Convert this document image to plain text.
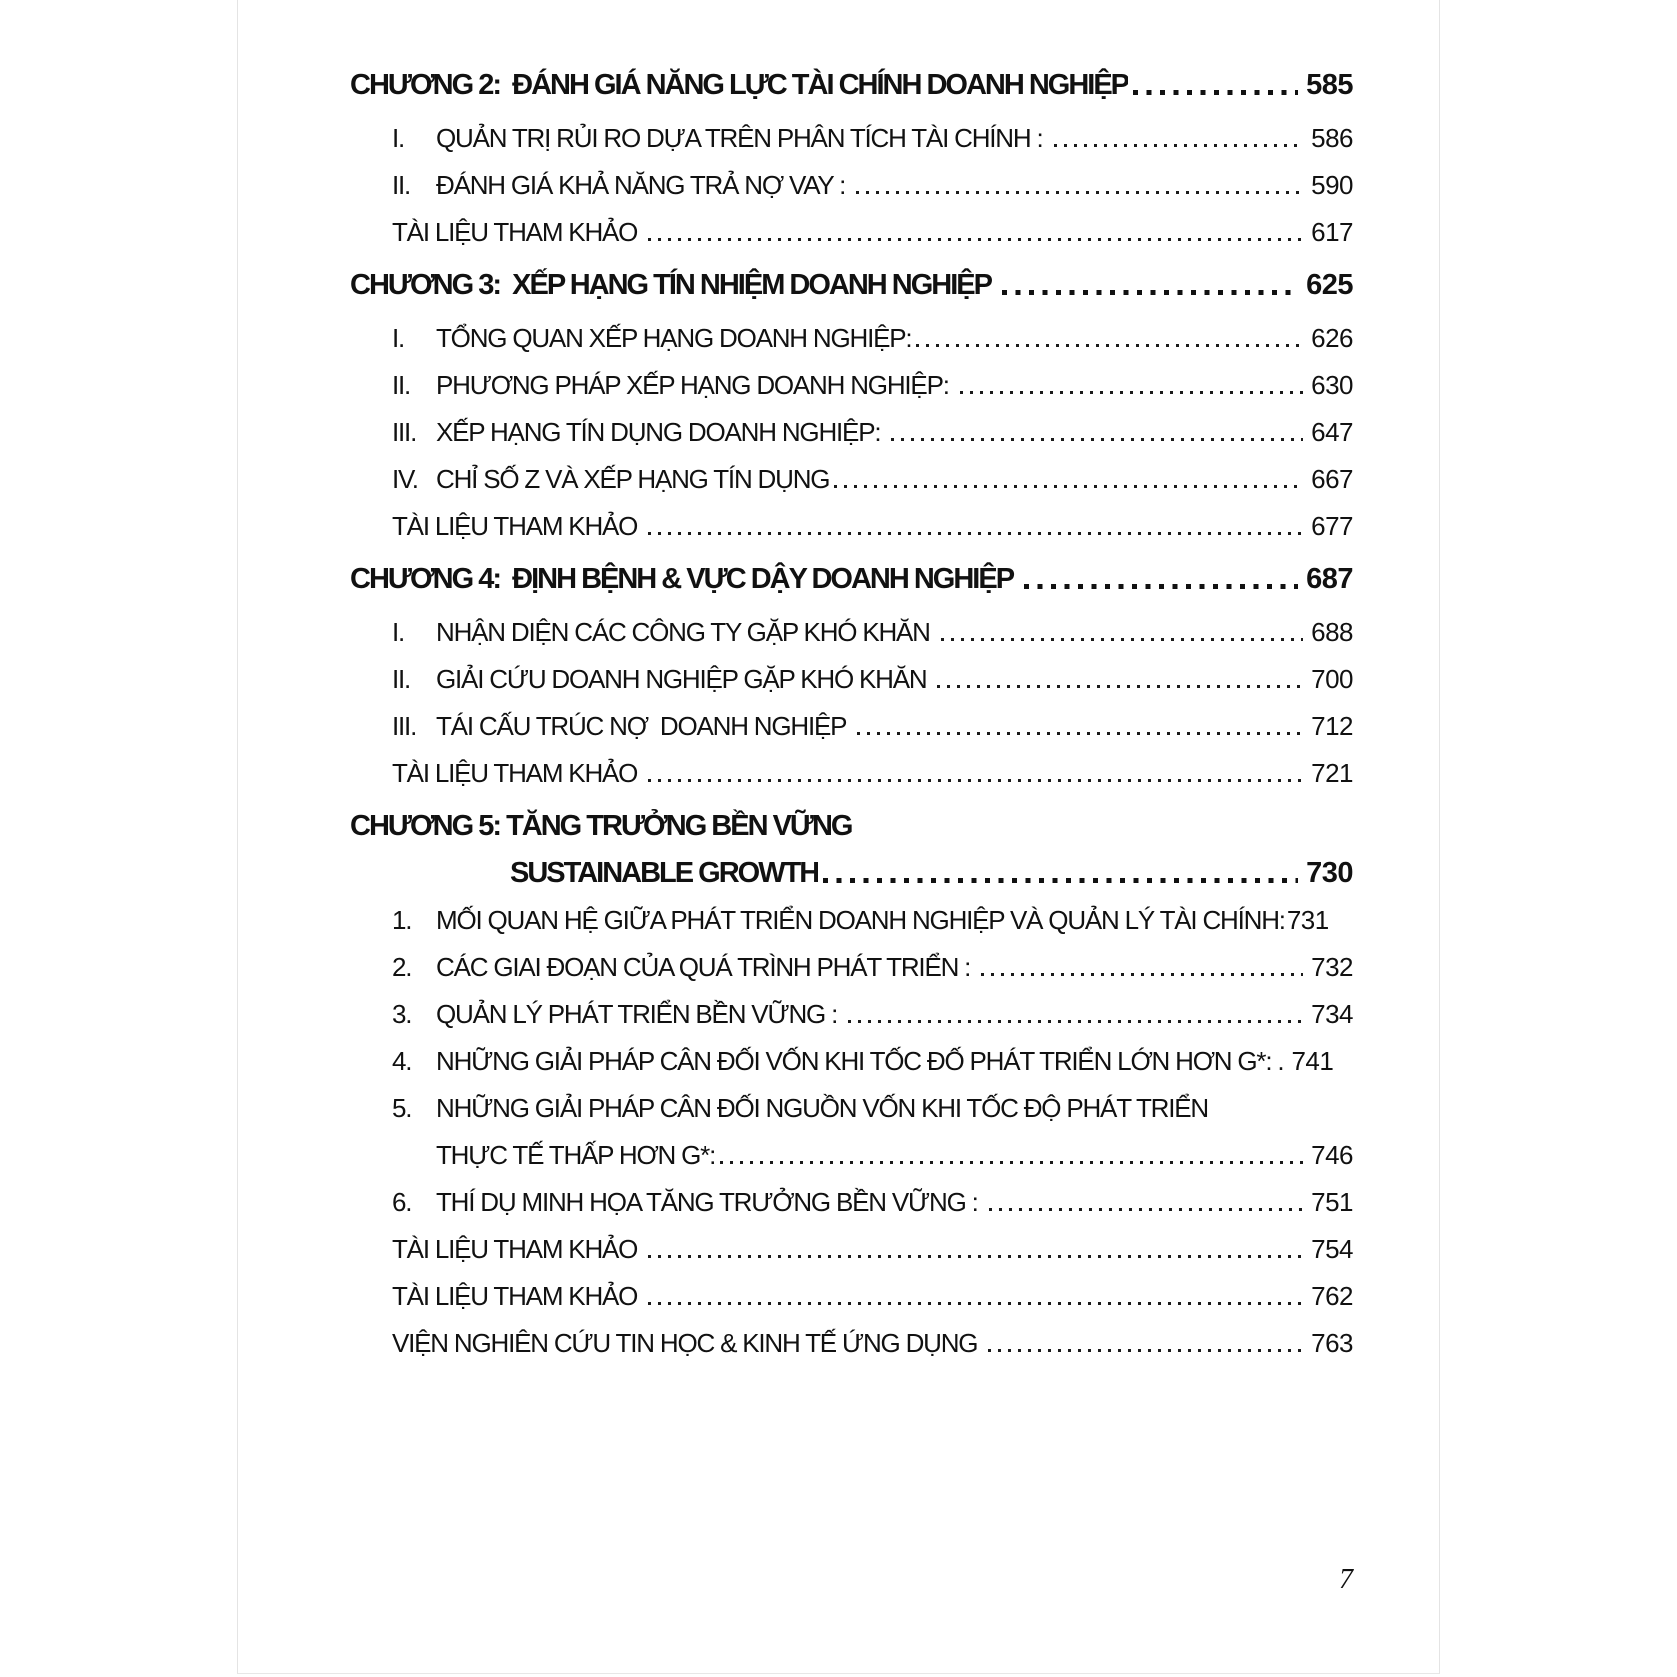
CHƯƠNG 2:  ĐÁNH GIÁ NĂNG LỰC TÀI CHÍNH DOANH NGHIỆP	585
I.	QUẢN TRỊ RỦI RO DỰA TRÊN PHÂN TÍCH TÀI CHÍNH :	586
II. ĐÁNH GIÁ KHẢ NĂNG TRẢ NỢ VAY :	590
TÀI LIỆU THAM KHẢO	617
CHƯƠNG 3:  XẾP HẠNG TÍN NHIỆM DOANH NGHIỆP	625
I.	TỔNG QUAN XẾP HẠNG DOANH NGHIỆP:	626
II. PHƯƠNG PHÁP XẾP HẠNG DOANH NGHIỆP:	630
III. XẾP HẠNG TÍN DỤNG DOANH NGHIỆP:	647
IV. CHỈ SỐ Z VÀ XẾP HẠNG TÍN DỤNG	667
TÀI LIỆU THAM KHẢO	677
CHƯƠNG 4:  ĐỊNH BỆNH & VỰC DẬY DOANH NGHIỆP	687
I.	NHẬN DIỆN CÁC CÔNG TY GẶP KHÓ KHĂN	688
II. GIẢI CỨU DOANH NGHIỆP GẶP KHÓ KHĂN	700
III. TÁI CẤU TRÚC NỢ  DOANH NGHIỆP	712
TÀI LIỆU THAM KHẢO	721
CHƯƠNG 5: TĂNG TRƯỞNG BỀN VỮNG
SUSTAINABLE GROWTH	730
1. MỐI QUAN HỆ GIỮA PHÁT TRIỂN DOANH NGHIỆP VÀ QUẢN LÝ TÀI CHÍNH: 731
2. CÁC GIAI ĐOẠN CỦA QUÁ TRÌNH PHÁT TRIỂN :	732
3. QUẢN LÝ PHÁT TRIỂN BỀN VỮNG :	734
4. NHỮNG GIẢI PHÁP CÂN ĐỐI VỐN KHI TỐC ĐỐ PHÁT TRIỂN LỚN HƠN G*: . 741
5. NHỮNG GIẢI PHÁP CÂN ĐỐI NGUỒN VỐN KHI TỐC ĐỘ PHÁT TRIỂN
THỰC TẾ THẤP HƠN G*:	746
6. THÍ DỤ MINH HỌA TĂNG TRƯỞNG BỀN VỮNG :	751
TÀI LIỆU THAM KHẢO	754
TÀI LIỆU THAM KHẢO	762
VIỆN NGHIÊN CỨU TIN HỌC & KINH TẾ ỨNG DỤNG	763
7
